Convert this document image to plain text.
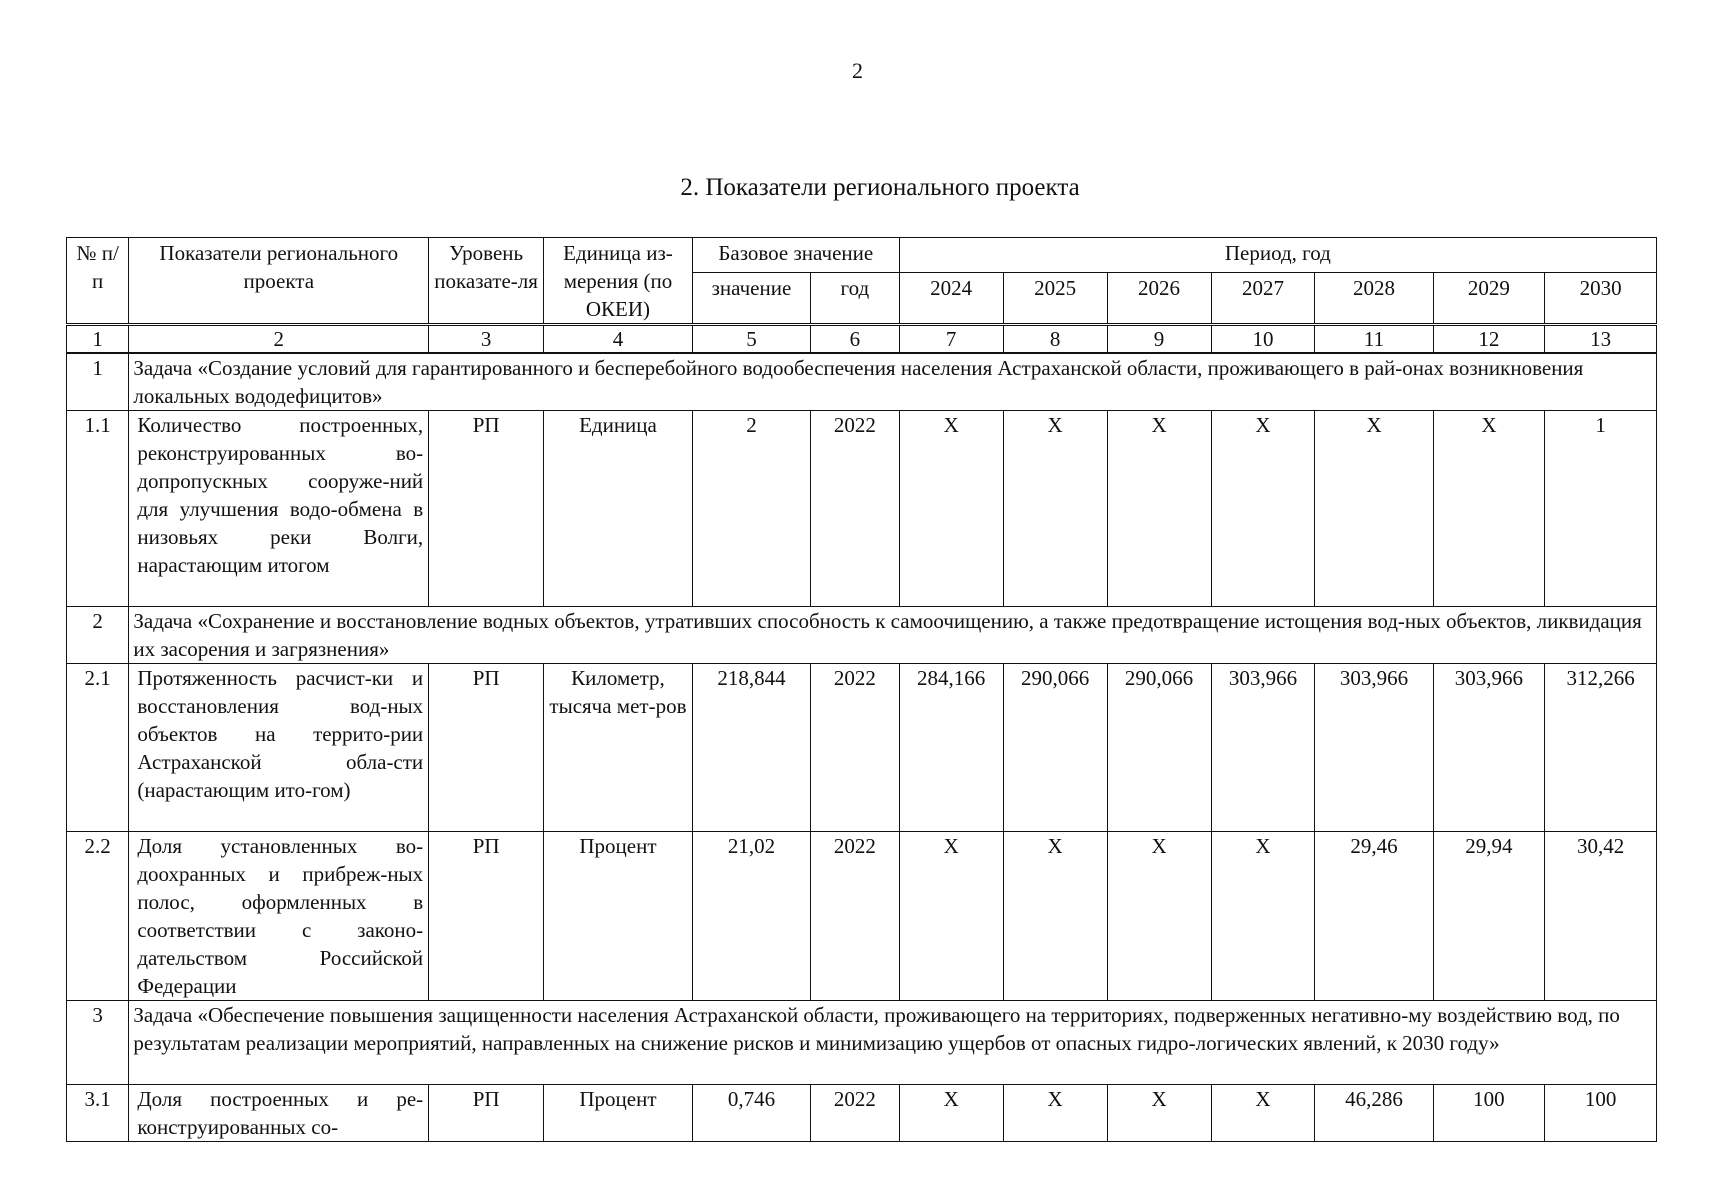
2
2. Показатели регионального проекта
№ п/п	Показатели регионального проекта	Уровень показате-ля	Единица из-мерения (по ОКЕИ)	Базовое значение		Период, год						
				значение	год	2024	2025	2026	2027	2028	2029	2030
1	2	3	4	5	6	7	8	9	10	11	12	13
1	Задача «Создание условий для гарантированного и бесперебойного водообеспечения населения Астраханской области, проживающего в рай-онах возникновения локальных вододефицитов»											
1.1	Количество построенных, реконструированных во-допропускных сооруже-ний для улучшения водо-обмена в низовьях реки Волги, нарастающим итогом	РП	Единица	2	2022	X	X	X	X	X	X	1
2	Задача «Сохранение и восстановление водных объектов, утративших способность к самоочищению, а также предотвращение истощения вод-ных объектов, ликвидация их засорения и загрязнения»											
2.1	Протяженность расчист-ки и восстановления вод-ных объектов на террито-рии Астраханской обла-сти (нарастающим ито-гом)	РП	Километр, тысяча мет-ров	218,844	2022	284,166	290,066	290,066	303,966	303,966	303,966	312,266
2.2	Доля установленных во-доохранных и прибреж-ных полос, оформленных в соответствии с законо-дательством Российской Федерации	РП	Процент	21,02	2022	X	X	X	X	29,46	29,94	30,42
3	Задача «Обеспечение повышения защищенности населения Астраханской области, проживающего на территориях, подверженных негативно-му воздействию вод, по результатам реализации мероприятий, направленных на снижение рисков и минимизацию ущербов от опасных гидро-логических явлений, к 2030 году»											
3.1	Доля построенных и ре-конструированных со-	РП	Процент	0,746	2022	X	X	X	X	46,286	100	100
